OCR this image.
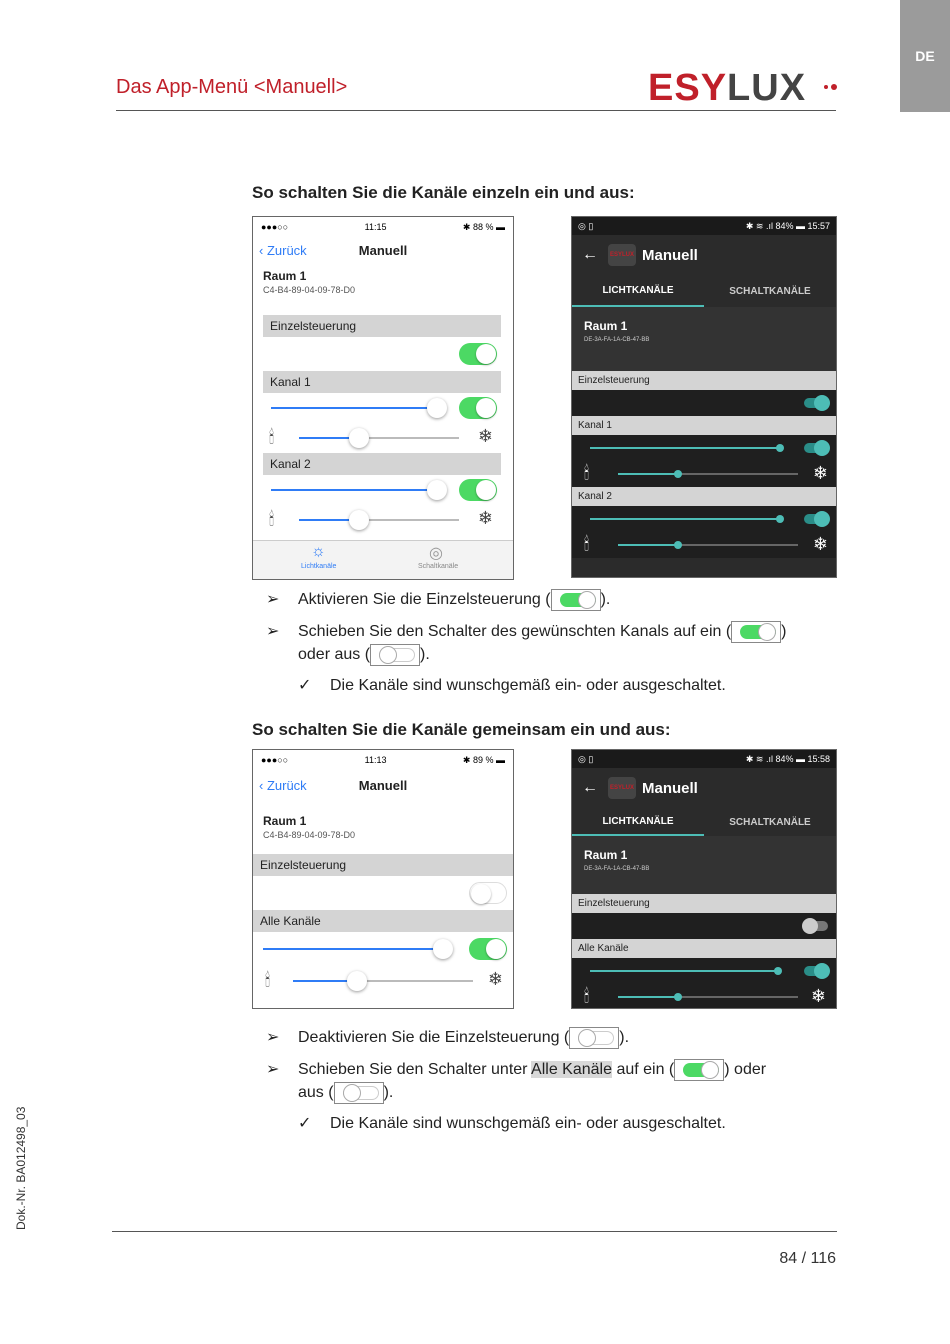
DE
Das App-Menü <Manuell>	ESYLUX
So schalten Sie die Kanäle einzeln ein und aus:
●●●○○	11:15	✱ 88 % ▬
‹ Zurück	Manuell
Raum 1
C4-B4-89-04-09-78-D0
Einzelsteuerung
Kanal 1
🕯	❄
Kanal 2
🕯	❄
☼
Lichtkanäle
◎
Schaltkanäle
◎ ▯	✱ ≋ .ıl 84% ▬ 15:57
←	ESYLUX Manuell
LICHTKANÄLE	SCHALTKANÄLE
Raum 1
DE-3A-FA-1A-CB-47-BB
Einzelsteuerung
Kanal 1
🕯	❄
Kanal 2
🕯	❄
➢ Aktivieren Sie die Einzelsteuerung (	).
➢ Schieben Sie den Schalter des gewünschten Kanals auf ein (	)
oder aus (	).
✓ Die Kanäle sind wunschgemäß ein- oder ausgeschaltet.
So schalten Sie die Kanäle gemeinsam ein und aus:
●●●○○	11:13	✱ 89 % ▬
‹ Zurück	Manuell
Raum 1
C4-B4-89-04-09-78-D0
Einzelsteuerung
Alle Kanäle
🕯	❄
◎ ▯	✱ ≋ .ıl 84% ▬ 15:58
←	ESYLUX Manuell
LICHTKANÄLE	SCHALTKANÄLE
Raum 1
DE-3A-FA-1A-CB-47-BB
Einzelsteuerung
Alle Kanäle
🕯	❄
➢ Deaktivieren Sie die Einzelsteuerung (	).
➢ Schieben Sie den Schalter unter Alle Kanäle auf ein (	) oder
aus (	).
✓ Die Kanäle sind wunschgemäß ein- oder ausgeschaltet.
Dok.-Nr. BA012498_03
84 / 116
